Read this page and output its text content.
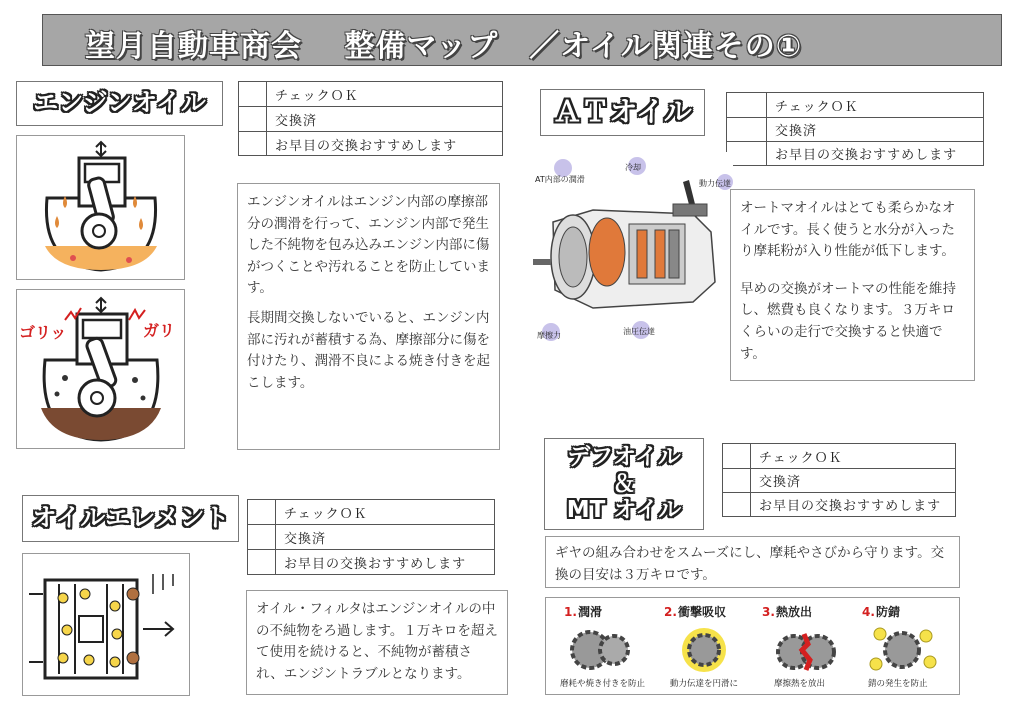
望月自動車商会　 整備マップ　／オイル関連その①
エンジンオイル	チェックＯＫ
交換済
お早目の交換おすすめします
ゴリッ	ガリ

エンジンオイルはエンジン内部の摩擦部分の潤滑を行って、エンジン内部で発生した不純物を包み込みエンジン内部に傷がつくことや汚れることを防止しています。

長期間交換しないでいると、エンジン内部に汚れが蓄積する為、摩擦部分に傷を付けたり、潤滑不良による焼き付きを起こします。

オイルエレメント	チェックＯＫ
交換済
お早目の交換おすすめします

オイル・フィルタはエンジンオイルの中の不純物をろ過します。１万キロを超えて使用を続けると、不純物が蓄積され、エンジントラブルとなります。

ＡＴオイル	チェックＯＫ
交換済
お早目の交換おすすめします
AT内部の潤滑
冷却
動力伝達
摩擦力	油圧伝達

オートマオイルはとても柔らかなオイルです。長く使うと水分が入ったり摩耗粉が入り性能が低下します。

早めの交換がオートマの性能を維持し、燃費も良くなります。３万キロくらいの走行で交換すると快適です。

デフオイル
＆
MT オイル
チェックＯＫ
交換済
お早目の交換おすすめします

ギヤの組み合わせをスムーズにし、摩耗やさびから守ります。交換の目安は３万キロです。

1. 潤滑
磨耗や焼き付きを防止
2. 衝撃吸収
動力伝達を円滑に
3. 熱放出
摩擦熱を放出
4. 防錆
錆の発生を防止
